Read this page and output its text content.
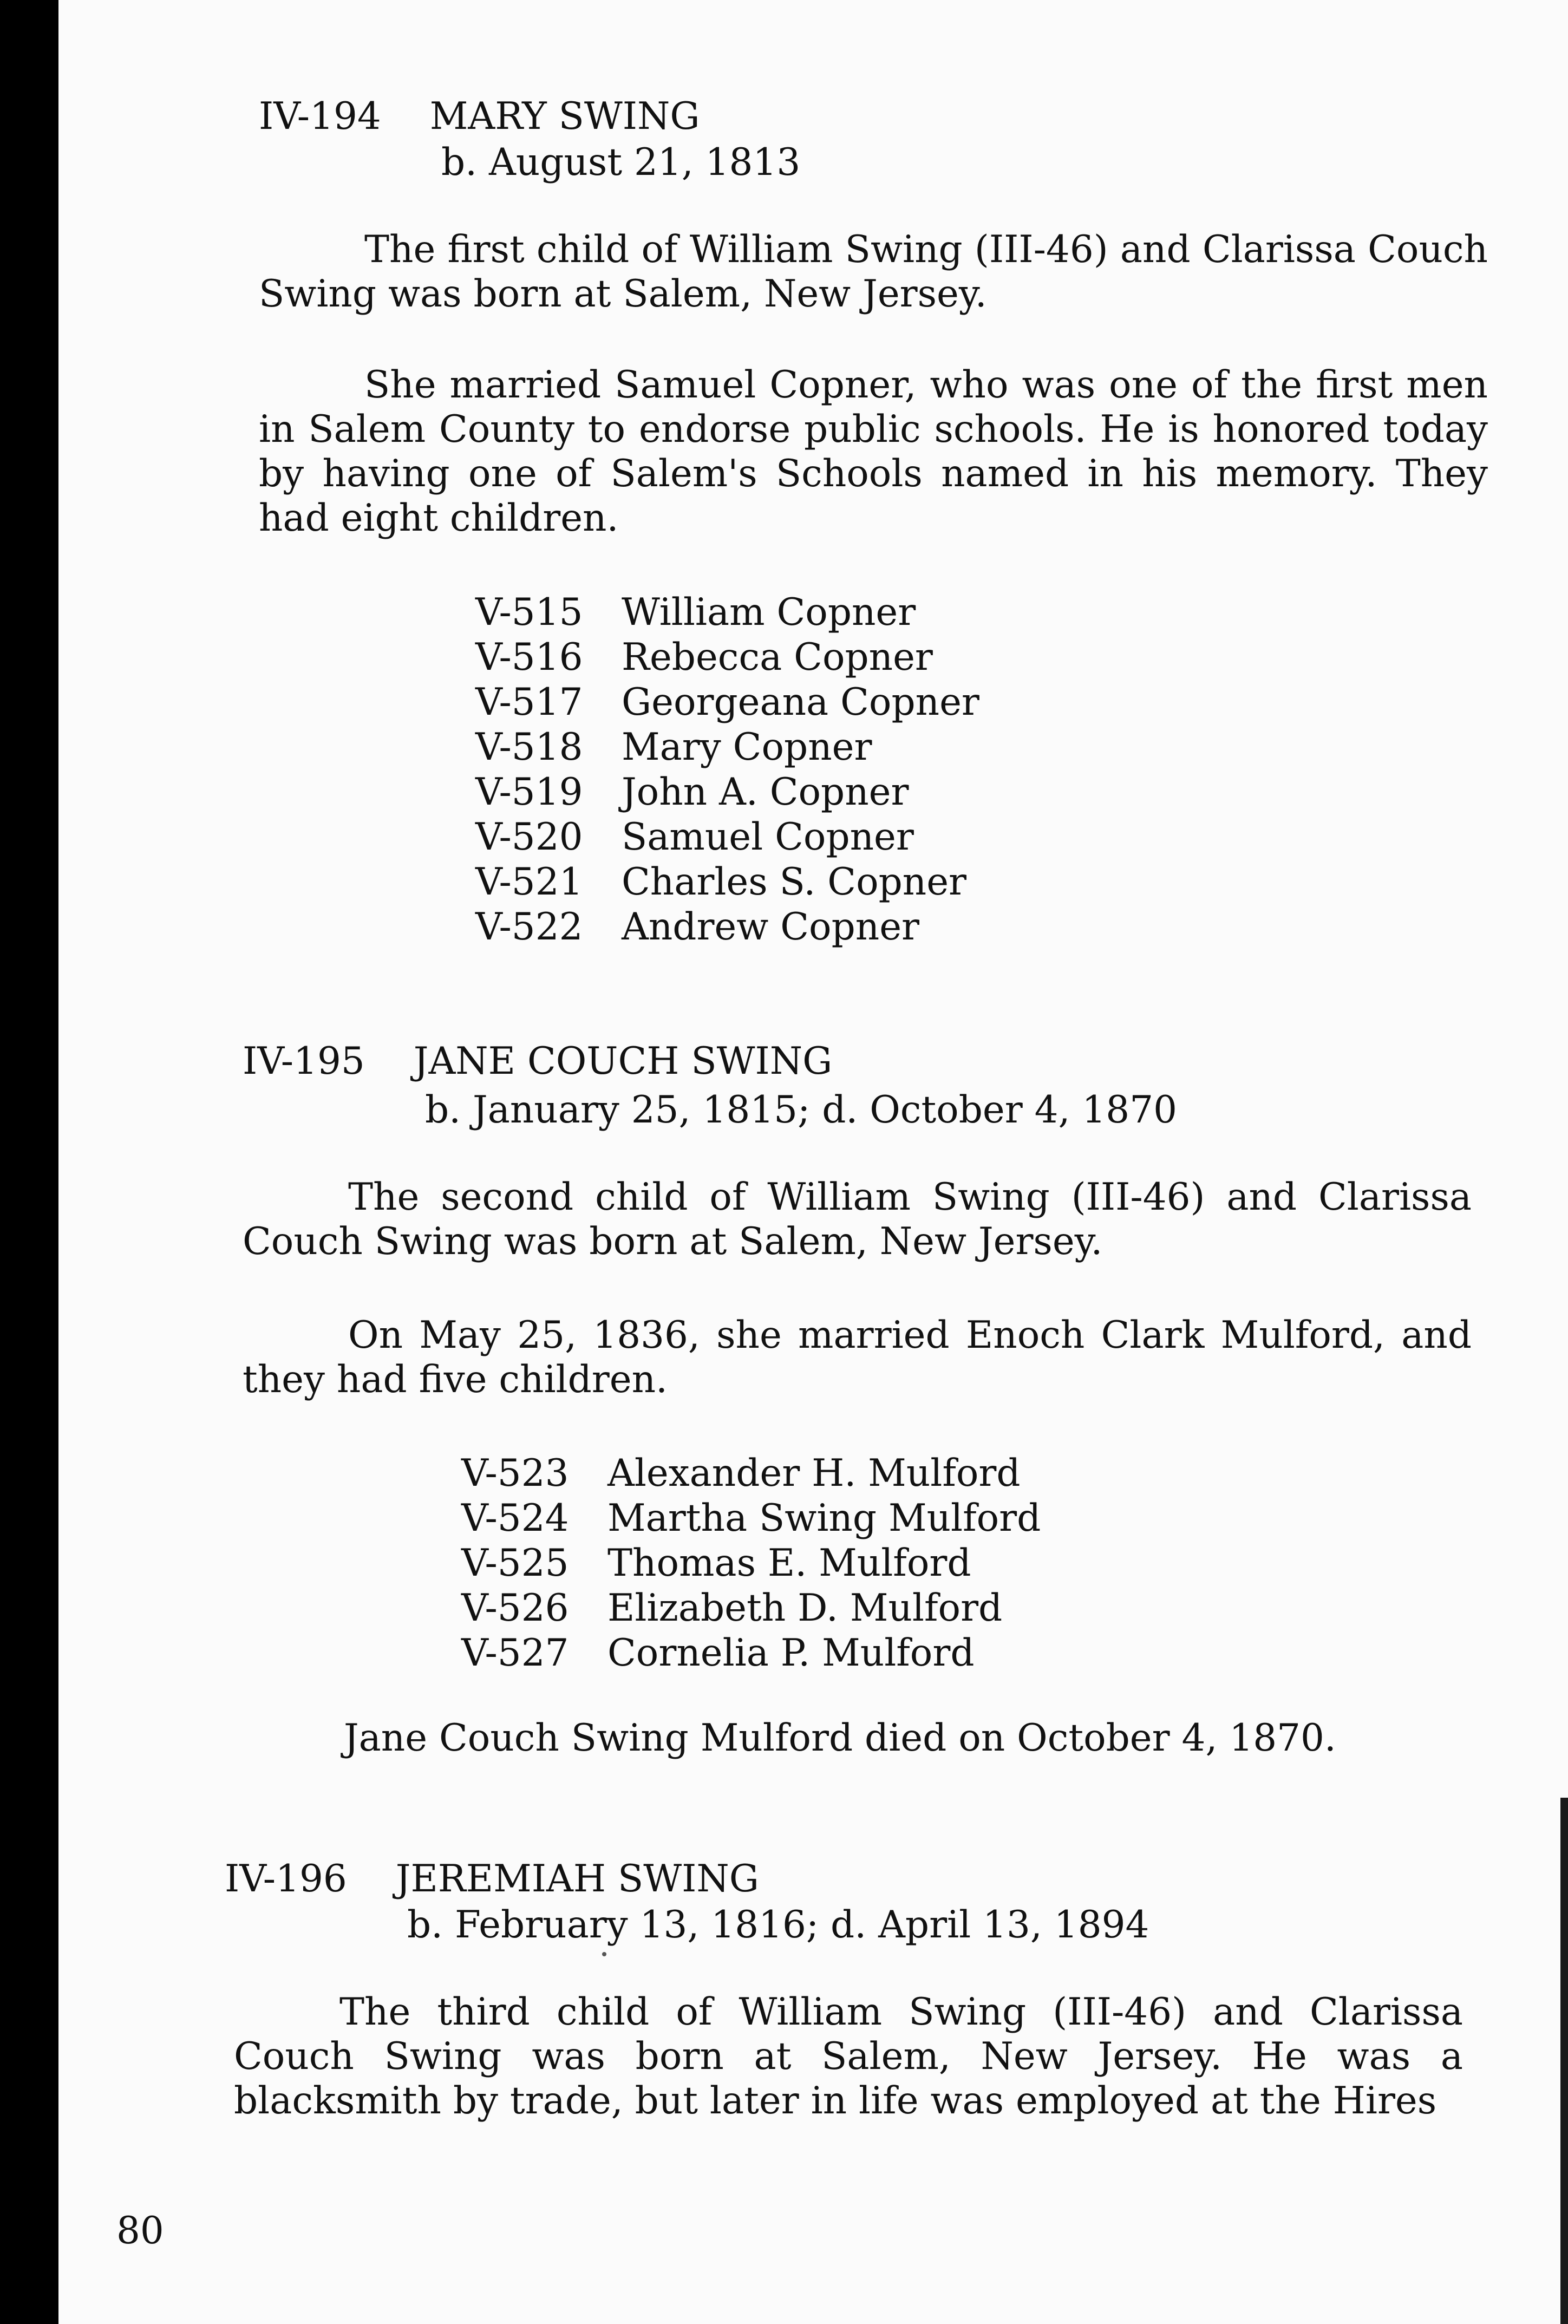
IV-194 MARY SWING
b. August 21, 1813

The first child of William Swing (III-46) and Clarissa Couch Swing was born at Salem, New Jersey.

She married Samuel Copner, who was one of the first men in Salem County to endorse public schools. He is honored today by having one of Salem's Schools named in his memory. They had eight children.

V-515 William Copner
V-516 Rebecca Copner
V-517 Georgeana Copner
V-518 Mary Copner
V-519 John A. Copner
V-520 Samuel Copner
V-521 Charles S. Copner
V-522 Andrew Copner
IV-195 JANE COUCH SWING
b. January 25, 1815; d. October 4, 1870

The second child of William Swing (III-46) and Clarissa Couch Swing was born at Salem, New Jersey.

On May 25, 1836, she married Enoch Clark Mulford, and they had five children.

V-523 Alexander H. Mulford
V-524 Martha Swing Mulford
V-525 Thomas E. Mulford
V-526 Elizabeth D. Mulford
V-527 Cornelia P. Mulford
Jane Couch Swing Mulford died on October 4, 1870.
IV-196 JEREMIAH SWING
b. February 13, 1816; d. April 13, 1894

The third child of William Swing (III-46) and Clarissa Couch Swing was born at Salem, New Jersey. He was a blacksmith by trade, but later in life was employed at the Hires

80
